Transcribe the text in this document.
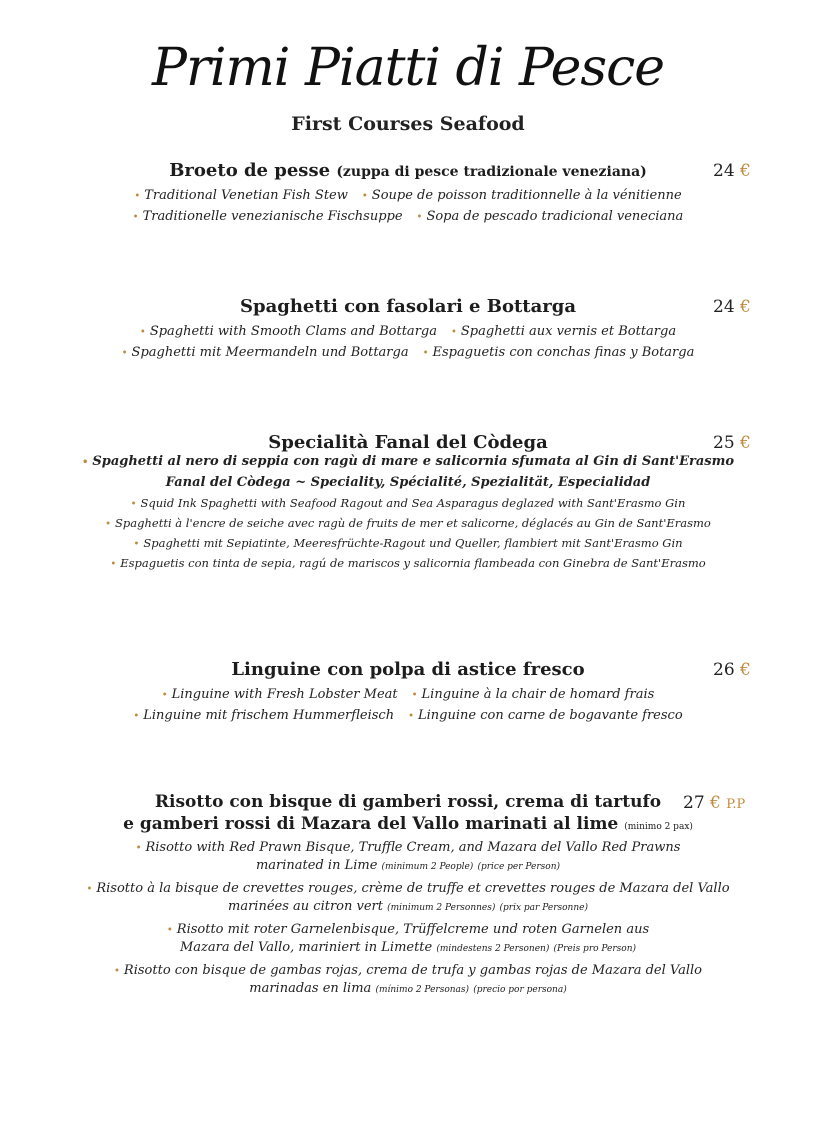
Primi Piatti di Pesce
First Courses Seafood
Broeto de pesse (zuppa di pesce tradizionale veneziana)	24 €
• Traditional Venetian Fish Stew • Soupe de poisson traditionnelle à la vénitienne
• Traditionelle venezianische Fischsuppe • Sopa de pescado tradicional veneciana
Spaghetti con fasolari e Bottarga	24 €
• Spaghetti with Smooth Clams and Bottarga • Spaghetti aux vernis et Bottarga
• Spaghetti mit Meermandeln und Bottarga • Espaguetis con conchas finas y Botarga
Specialità Fanal del Còdega	25 €
• Spaghetti al nero di seppia con ragù di mare e salicornia sfumata al Gin di Sant'Erasmo
Fanal del Còdega ~ Speciality, Spécialité, Spezialität, Especialidad
• Squid Ink Spaghetti with Seafood Ragout and Sea Asparagus deglazed with Sant'Erasmo Gin
• Spaghetti à l'encre de seiche avec ragù de fruits de mer et salicorne, déglacés au Gin de Sant'Erasmo
• Spaghetti mit Sepiatinte, Meeresfrüchte-Ragout und Queller, flambiert mit Sant'Erasmo Gin
• Espaguetis con tinta de sepia, ragú de mariscos y salicornia flambeada con Ginebra de Sant'Erasmo
Linguine con polpa di astice fresco	26 €
• Linguine with Fresh Lobster Meat • Linguine à la chair de homard frais
• Linguine mit frischem Hummerfleisch • Linguine con carne de bogavante fresco
Risotto con bisque di gamberi rossi, crema di tartufo
e gamberi rossi di Mazara del Vallo marinati al lime (minimo 2 pax)
27 € P.P
• Risotto with Red Prawn Bisque, Truffle Cream, and Mazara del Vallo Red Prawns
marinated in Lime (minimum 2 People) (price per Person)
• Risotto à la bisque de crevettes rouges, crème de truffe et crevettes rouges de Mazara del Vallo
marinées au citron vert (minimum 2 Personnes) (prix par Personne)
• Risotto mit roter Garnelenbisque, Trüffelcreme und roten Garnelen aus
Mazara del Vallo, mariniert in Limette (mindestens 2 Personen) (Preis pro Person)
• Risotto con bisque de gambas rojas, crema de trufa y gambas rojas de Mazara del Vallo
marinadas en lima (mínimo 2 Personas) (precio por persona)
